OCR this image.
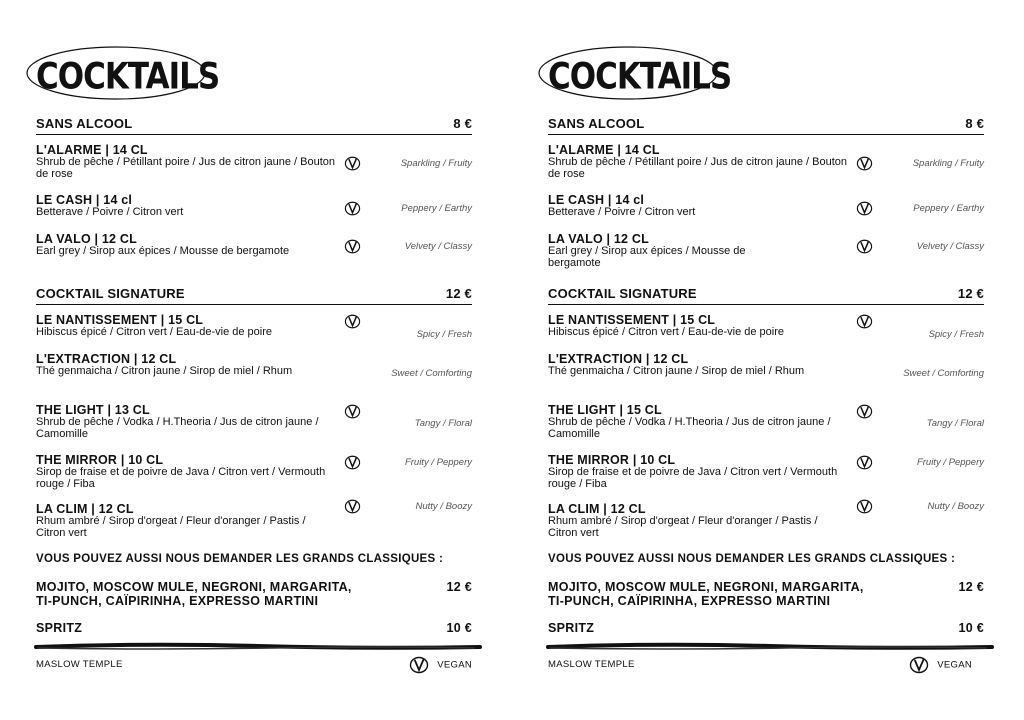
COCKTAILS
SANS ALCOOL	8 €
L'ALARME | 14 CL
Shrub de pêche / Pétillant poire / Jus de citron jaune / Bouton de rose
Sparkling / Fruity
LE CASH | 14 cl
Betterave / Poivre / Citron vert	Peppery / Earthy
LA VALO | 12 CL
Earl grey / Sirop aux épices / Mousse de bergamote	Velvety / Classy
COCKTAIL SIGNATURE	12 €
LE NANTISSEMENT | 15 CL
Hibiscus épicé / Citron vert / Eau-de-vie de poire	Spicy / Fresh
L'EXTRACTION | 12 CL
Thé genmaicha / Citron jaune / Sirop de miel / Rhum	Sweet / Comforting
THE LIGHT | 13 CL
Shrub de pêche / Vodka / H.Theoria / Jus de citron jaune / Camomille
Tangy / Floral
THE MIRROR | 10 CL
Sirop de fraise et de poivre de Java / Citron vert / Vermouth rouge / Fiba
Fruity / Peppery
LA CLIM | 12 CL
Rhum ambré / Sirop d'orgeat / Fleur d'oranger / Pastis / Citron vert
Nutty / Boozy
VOUS POUVEZ AUSSI NOUS DEMANDER LES GRANDS CLASSIQUES :
MOJITO, MOSCOW MULE, NEGRONI, MARGARITA,
TI-PUNCH, CAÏPIRINHA, EXPRESSO MARTINI
12 €
SPRITZ	10 €
MASLOW TEMPLE	VEGAN
COCKTAILS
SANS ALCOOL	8 €
L'ALARME | 14 CL
Shrub de pêche / Pétillant poire / Jus de citron jaune / Bouton de rose
Sparkling / Fruity
LE CASH | 14 cl
Betterave / Poivre / Citron vert	Peppery / Earthy
LA VALO | 12 CL
Earl grey / Sirop aux épices / Mousse de bergamote
Velvety / Classy
COCKTAIL SIGNATURE	12 €
LE NANTISSEMENT | 15 CL
Hibiscus épicé / Citron vert / Eau-de-vie de poire	Spicy / Fresh
L'EXTRACTION | 12 CL
Thé genmaicha / Citron jaune / Sirop de miel / Rhum	Sweet / Comforting
THE LIGHT | 15 CL
Shrub de pêche / Vodka / H.Theoria / Jus de citron jaune / Camomille
Tangy / Floral
THE MIRROR | 10 CL
Sirop de fraise et de poivre de Java / Citron vert / Vermouth rouge / Fiba
Fruity / Peppery
LA CLIM | 12 CL
Rhum ambré / Sirop d'orgeat / Fleur d'oranger / Pastis / Citron vert
Nutty / Boozy
VOUS POUVEZ AUSSI NOUS DEMANDER LES GRANDS CLASSIQUES :
MOJITO, MOSCOW MULE, NEGRONI, MARGARITA,
TI-PUNCH, CAÏPIRINHA, EXPRESSO MARTINI
12 €
SPRITZ	10 €
MASLOW TEMPLE	VEGAN
